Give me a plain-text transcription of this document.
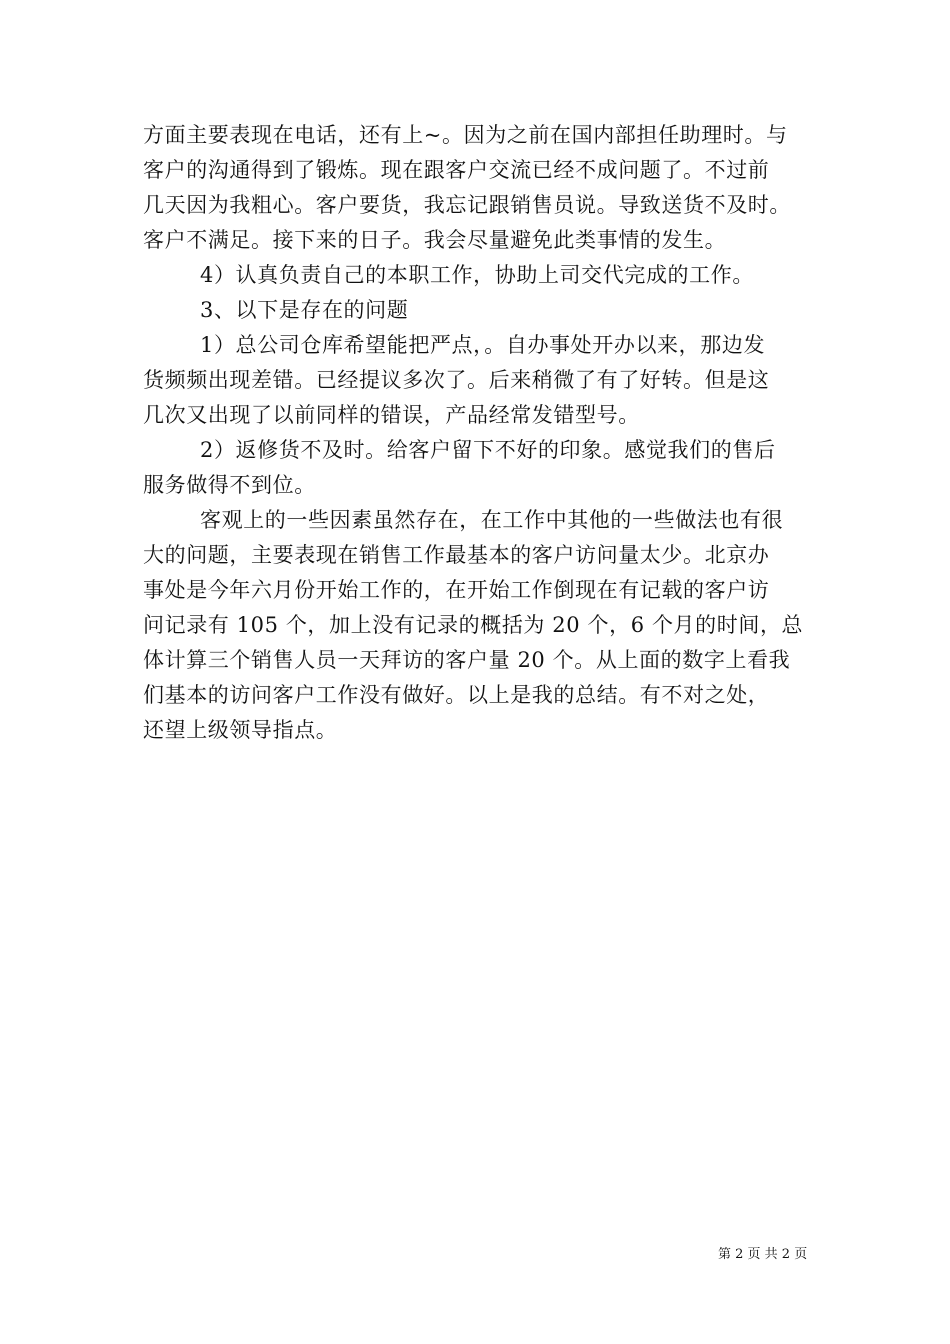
方面主要表现在电话，还有上~。因为之前在国内部担任助理时。与
客户的沟通得到了锻炼。现在跟客户交流已经不成问题了。不过前
几天因为我粗心。客户要货，我忘记跟销售员说。导致送货不及时。
客户不满足。接下来的日子。我会尽量避免此类事情的发生。
4）认真负责自己的本职工作，协助上司交代完成的工作。
3、以下是存在的问题
1）总公司仓库希望能把严点，。自办事处开办以来，那边发
货频频出现差错。已经提议多次了。后来稍微了有了好转。但是这
几次又出现了以前同样的错误，产品经常发错型号。
2）返修货不及时。给客户留下不好的印象。感觉我们的售后
服务做得不到位。
客观上的一些因素虽然存在，在工作中其他的一些做法也有很
大的问题，主要表现在销售工作最基本的客户访问量太少。北京办
事处是今年六月份开始工作的，在开始工作倒现在有记载的客户访
问记录有 105 个，加上没有记录的概括为 20 个，6 个月的时间，总
体计算三个销售人员一天拜访的客户量 20 个。从上面的数字上看我
们基本的访问客户工作没有做好。以上是我的总结。有不对之处，
还望上级领导指点。
第 2 页 共 2 页
